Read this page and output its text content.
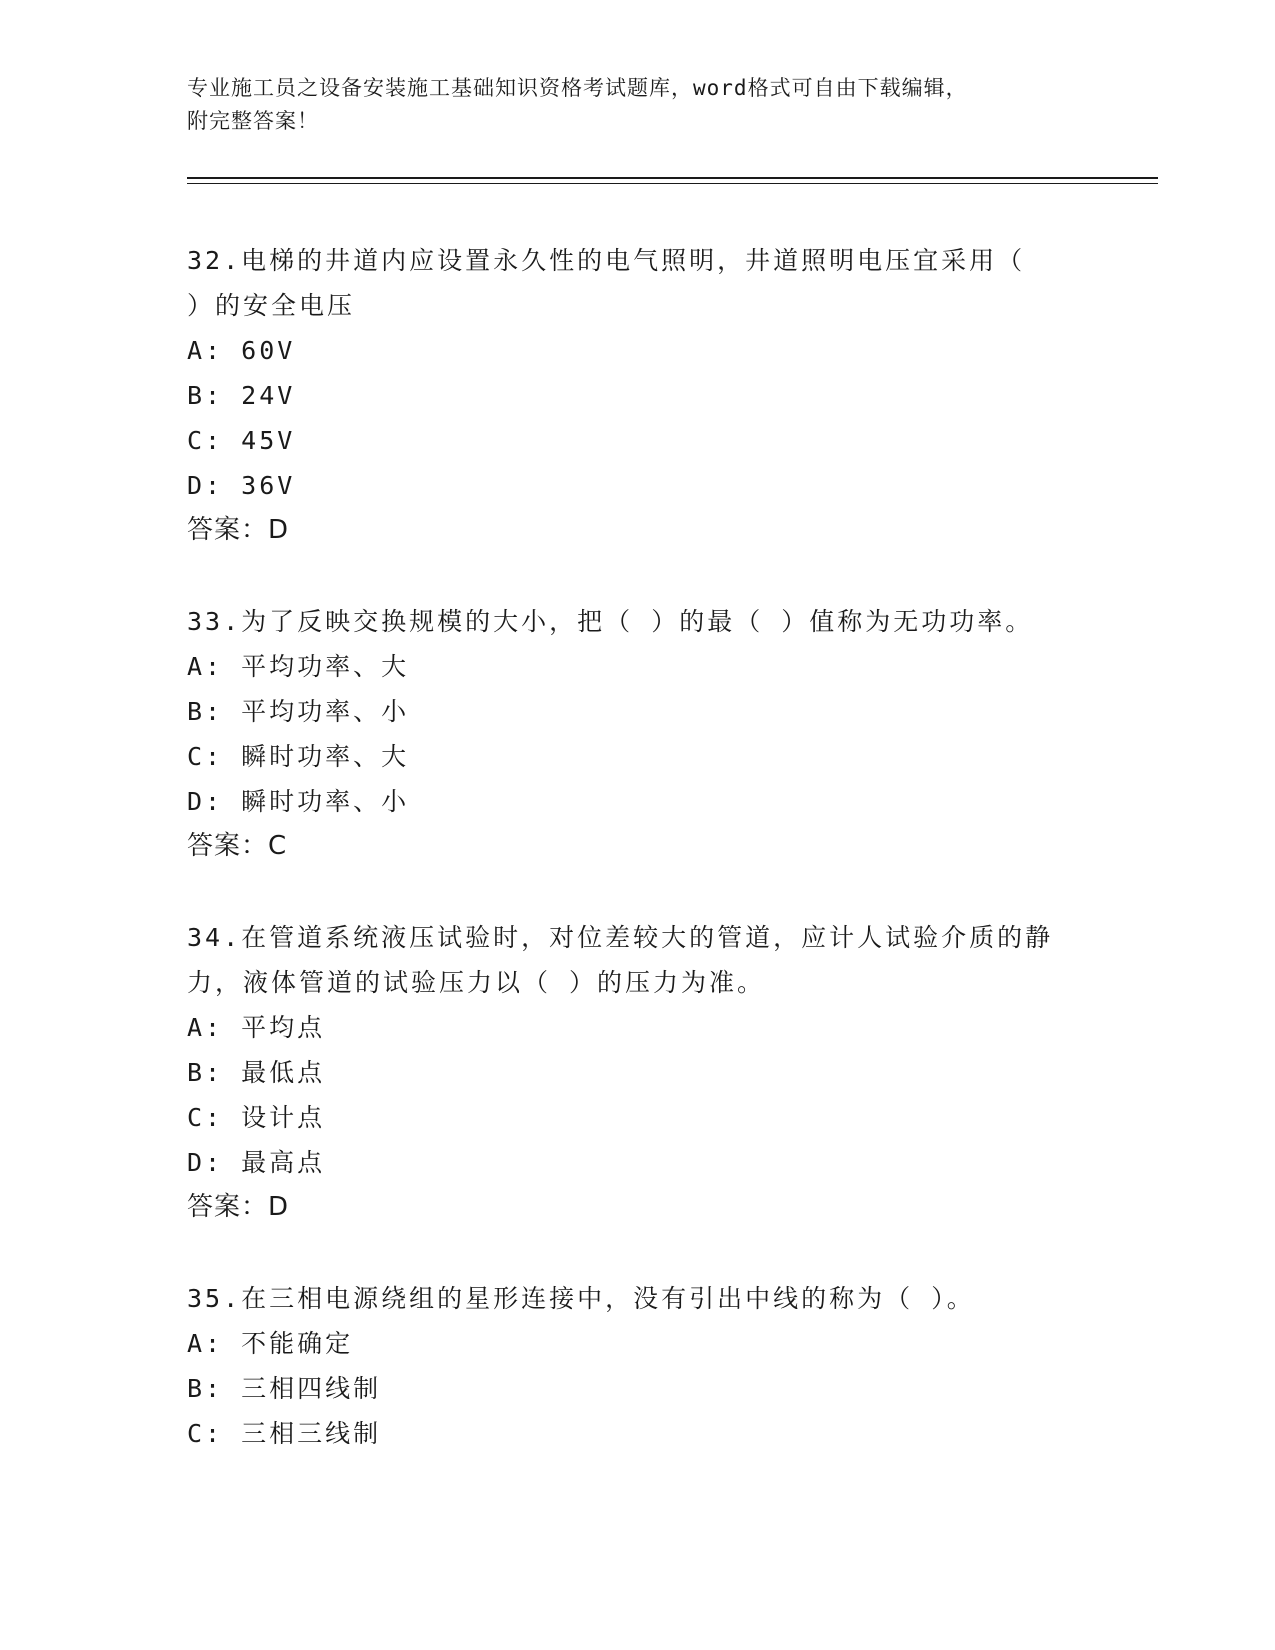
专业施工员之设备安装施工基础知识资格考试题库，word格式可自由下载编辑，
附完整答案！
32.电梯的井道内应设置永久性的电气照明，井道照明电压宜采用（
）的安全电压
A: 60V
B: 24V
C: 45V
D: 36V
答案：D
33.为了反映交换规模的大小，把（ ）的最（ ）值称为无功功率。
A: 平均功率、大
B: 平均功率、小
C: 瞬时功率、大
D: 瞬时功率、小
答案：C
34.在管道系统液压试验时，对位差较大的管道，应计人试验介质的静
力，液体管道的试验压力以（ ）的压力为准。
A: 平均点
B: 最低点
C: 设计点
D: 最高点
答案：D
35.在三相电源绕组的星形连接中，没有引出中线的称为（ ）。
A: 不能确定
B: 三相四线制
C: 三相三线制
